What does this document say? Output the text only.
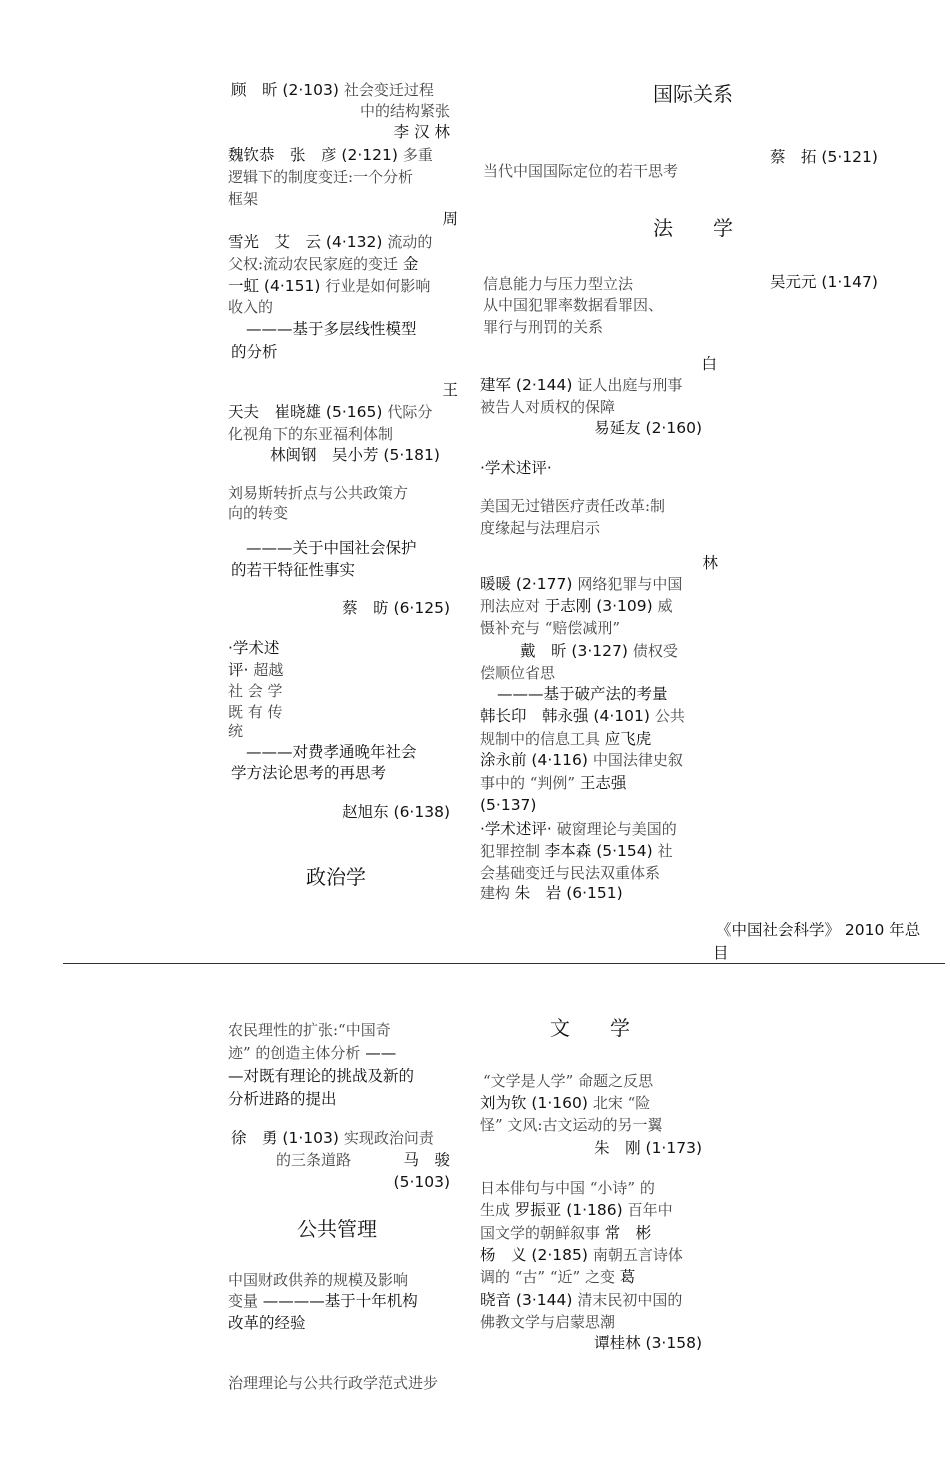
国际关系
法　　学
政治学
公共管理
文　　学
《中国社会科学》 2010 年总
目
顾　昕 (2·103) 社会变迁过程
中的结构紧张
李 汉 林
魏钦恭　张　彦 (2·121) 多重
逻辑下的制度变迁:一个分析
框架
周
雪光　艾　云 (4·132) 流动的
父权:流动农民家庭的变迁 金
一虹 (4·151) 行业是如何影响
收入的
———基于多层线性模型
的分析
王
天夫　崔晓雄 (5·165) 代际分
化视角下的东亚福利体制
林闽钢　吴小芳 (5·181)
刘易斯转折点与公共政策方
向的转变
———关于中国社会保护
的若干特征性事实
蔡　昉 (6·125)
·学术述
评· 超越
社 会 学
既 有 传
统
———对费孝通晚年社会
学方法论思考的再思考
赵旭东 (6·138)
蔡　拓 (5·121)
当代中国国际定位的若干思考
吴元元 (1·147)
信息能力与压力型立法
从中国犯罪率数据看罪因、
罪行与刑罚的关系
白
建军 (2·144) 证人出庭与刑事
被告人对质权的保障
易延友 (2·160)
·学术述评·
美国无过错医疗责任改革:制
度缘起与法理启示
林
暖暖 (2·177) 网络犯罪与中国
刑法应对 于志刚 (3·109) 威
慑补充与 “赔偿减刑”
戴　昕 (3·127) 债权受
偿顺位省思
———基于破产法的考量
韩长印　韩永强 (4·101) 公共
规制中的信息工具 应飞虎
涂永前 (4·116) 中国法律史叙
事中的 “判例” 王志强
(5·137)
·学术述评· 破窗理论与美国的
犯罪控制 李本森 (5·154) 社
会基础变迁与民法双重体系
建构 朱　岩 (6·151)
农民理性的扩张:“中国奇
迹” 的创造主体分析 ——
—对既有理论的挑战及新的
分析进路的提出
徐　勇 (1·103) 实现政治问责
的三条道路	马　骏
(5·103)
中国财政供养的规模及影响
变量 ————基于十年机构
改革的经验
治理理论与公共行政学范式进步
“文学是人学” 命题之反思
刘为钦 (1·160) 北宋 “险
怪” 文风:古文运动的另一翼
朱　刚 (1·173)
日本俳句与中国 “小诗” 的
生成 罗振亚 (1·186) 百年中
国文学的朝鲜叙事 常　彬
杨　义 (2·185) 南朝五言诗体
调的 “古” “近” 之变 葛
晓音 (3·144) 清末民初中国的
佛教文学与启蒙思潮
谭桂林 (3·158)
